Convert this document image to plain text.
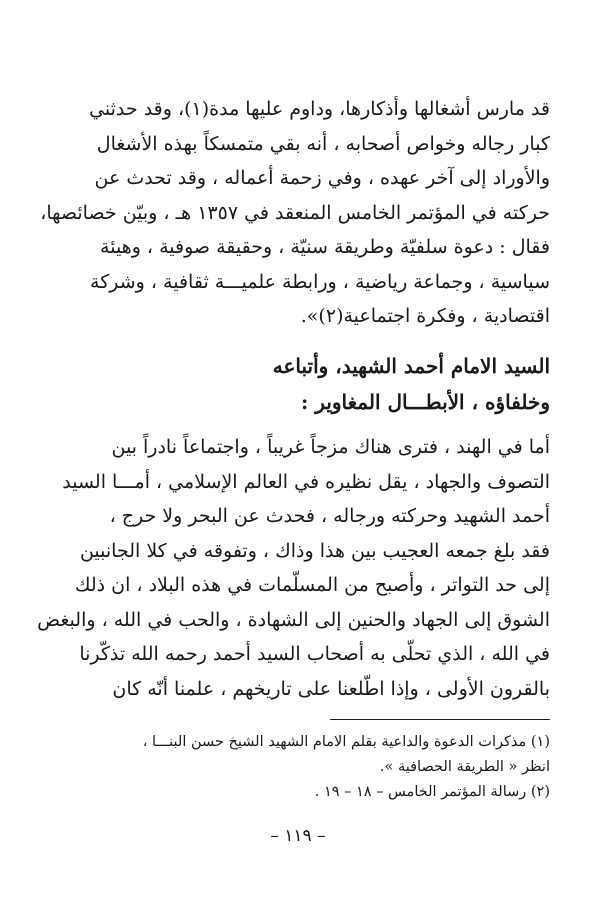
قد مارس أشغالها وأذكارها، وداوم عليها مدة(١)، وقد حدثني
كبار رجاله وخواص أصحابه ، أنه بقي متمسكاً بهذه الأشغال
والأوراد إلى آخر عهده ، وفي زحمة أعماله ، وقد تحدث عن
حركته في المؤتمر الخامس المنعقد في ١٣٥٧ هـ ، وبيّن خصائصها،
فقال : دعوة سلفيّة وطريقة سنيّة ، وحقيقة صوفية ، وهيئة
سياسية ، وجماعة رياضية ، ورابطة علميـــة ثقافية ، وشركة
اقتصادية ، وفكرة اجتماعية(٢)».
السيد الامام أحمد الشهيد، وأتباعه
وخلفاؤه ، الأبطـــال المغاوير :
أما في الهند ، فترى هناك مزجاً غريباً ، واجتماعاً نادراً بين
التصوف والجهاد ، يقل نظيره في العالم الإسلامي ، أمـــا السيد
أحمد الشهيد وحركته ورجاله ، فحدث عن البحر ولا حرج ،
فقد بلغ جمعه العجيب بين هذا وذاك ، وتفوقه في كلا الجانبين
إلى حد التواتر ، وأصبح من المسلّمات في هذه البلاد ، ان ذلك
الشوق إلى الجهاد والحنين إلى الشهادة ، والحب في الله ، والبغض
في الله ، الذي تحلّى به أصحاب السيد أحمد رحمه الله تذكّرنا
بالقرون الأولى ، وإذا اطّلعنا على تاريخهم ، علمنا أنّه كان
(١) مذكرات الدعوة والداعية بقلم الامام الشهيد الشيخ حسن البنـــا ،
انظر « الطريقة الحصافية ».
(٢) رسالة المؤتمر الخامس – ١٨ – ١٩ .
– ١١٩ –
